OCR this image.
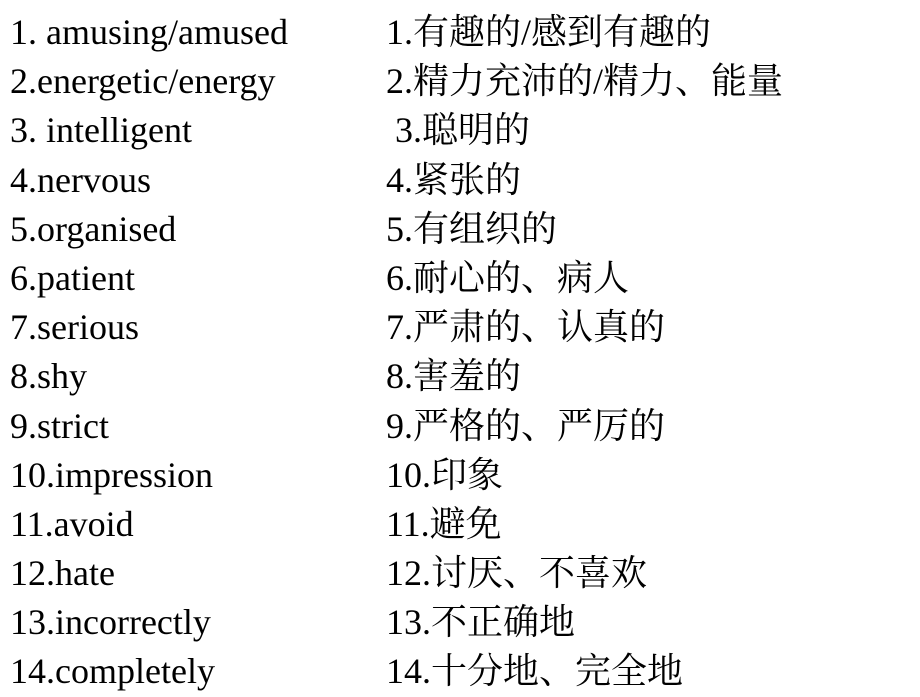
1. amusing/amused	1.有趣的/感到有趣的
2.energetic/energy	2.精力充沛的/精力、能量
3. intelligent	3.聪明的
4.nervous	4.紧张的
5.organised	5.有组织的
6.patient	6.耐心的、病人
7.serious	7.严肃的、认真的
8.shy	8.害羞的
9.strict	9.严格的、严厉的
10.impression	10.印象
11.avoid	11.避免
12.hate	12.讨厌、不喜欢
13.incorrectly	13.不正确地
14.completely	14.十分地、完全地
